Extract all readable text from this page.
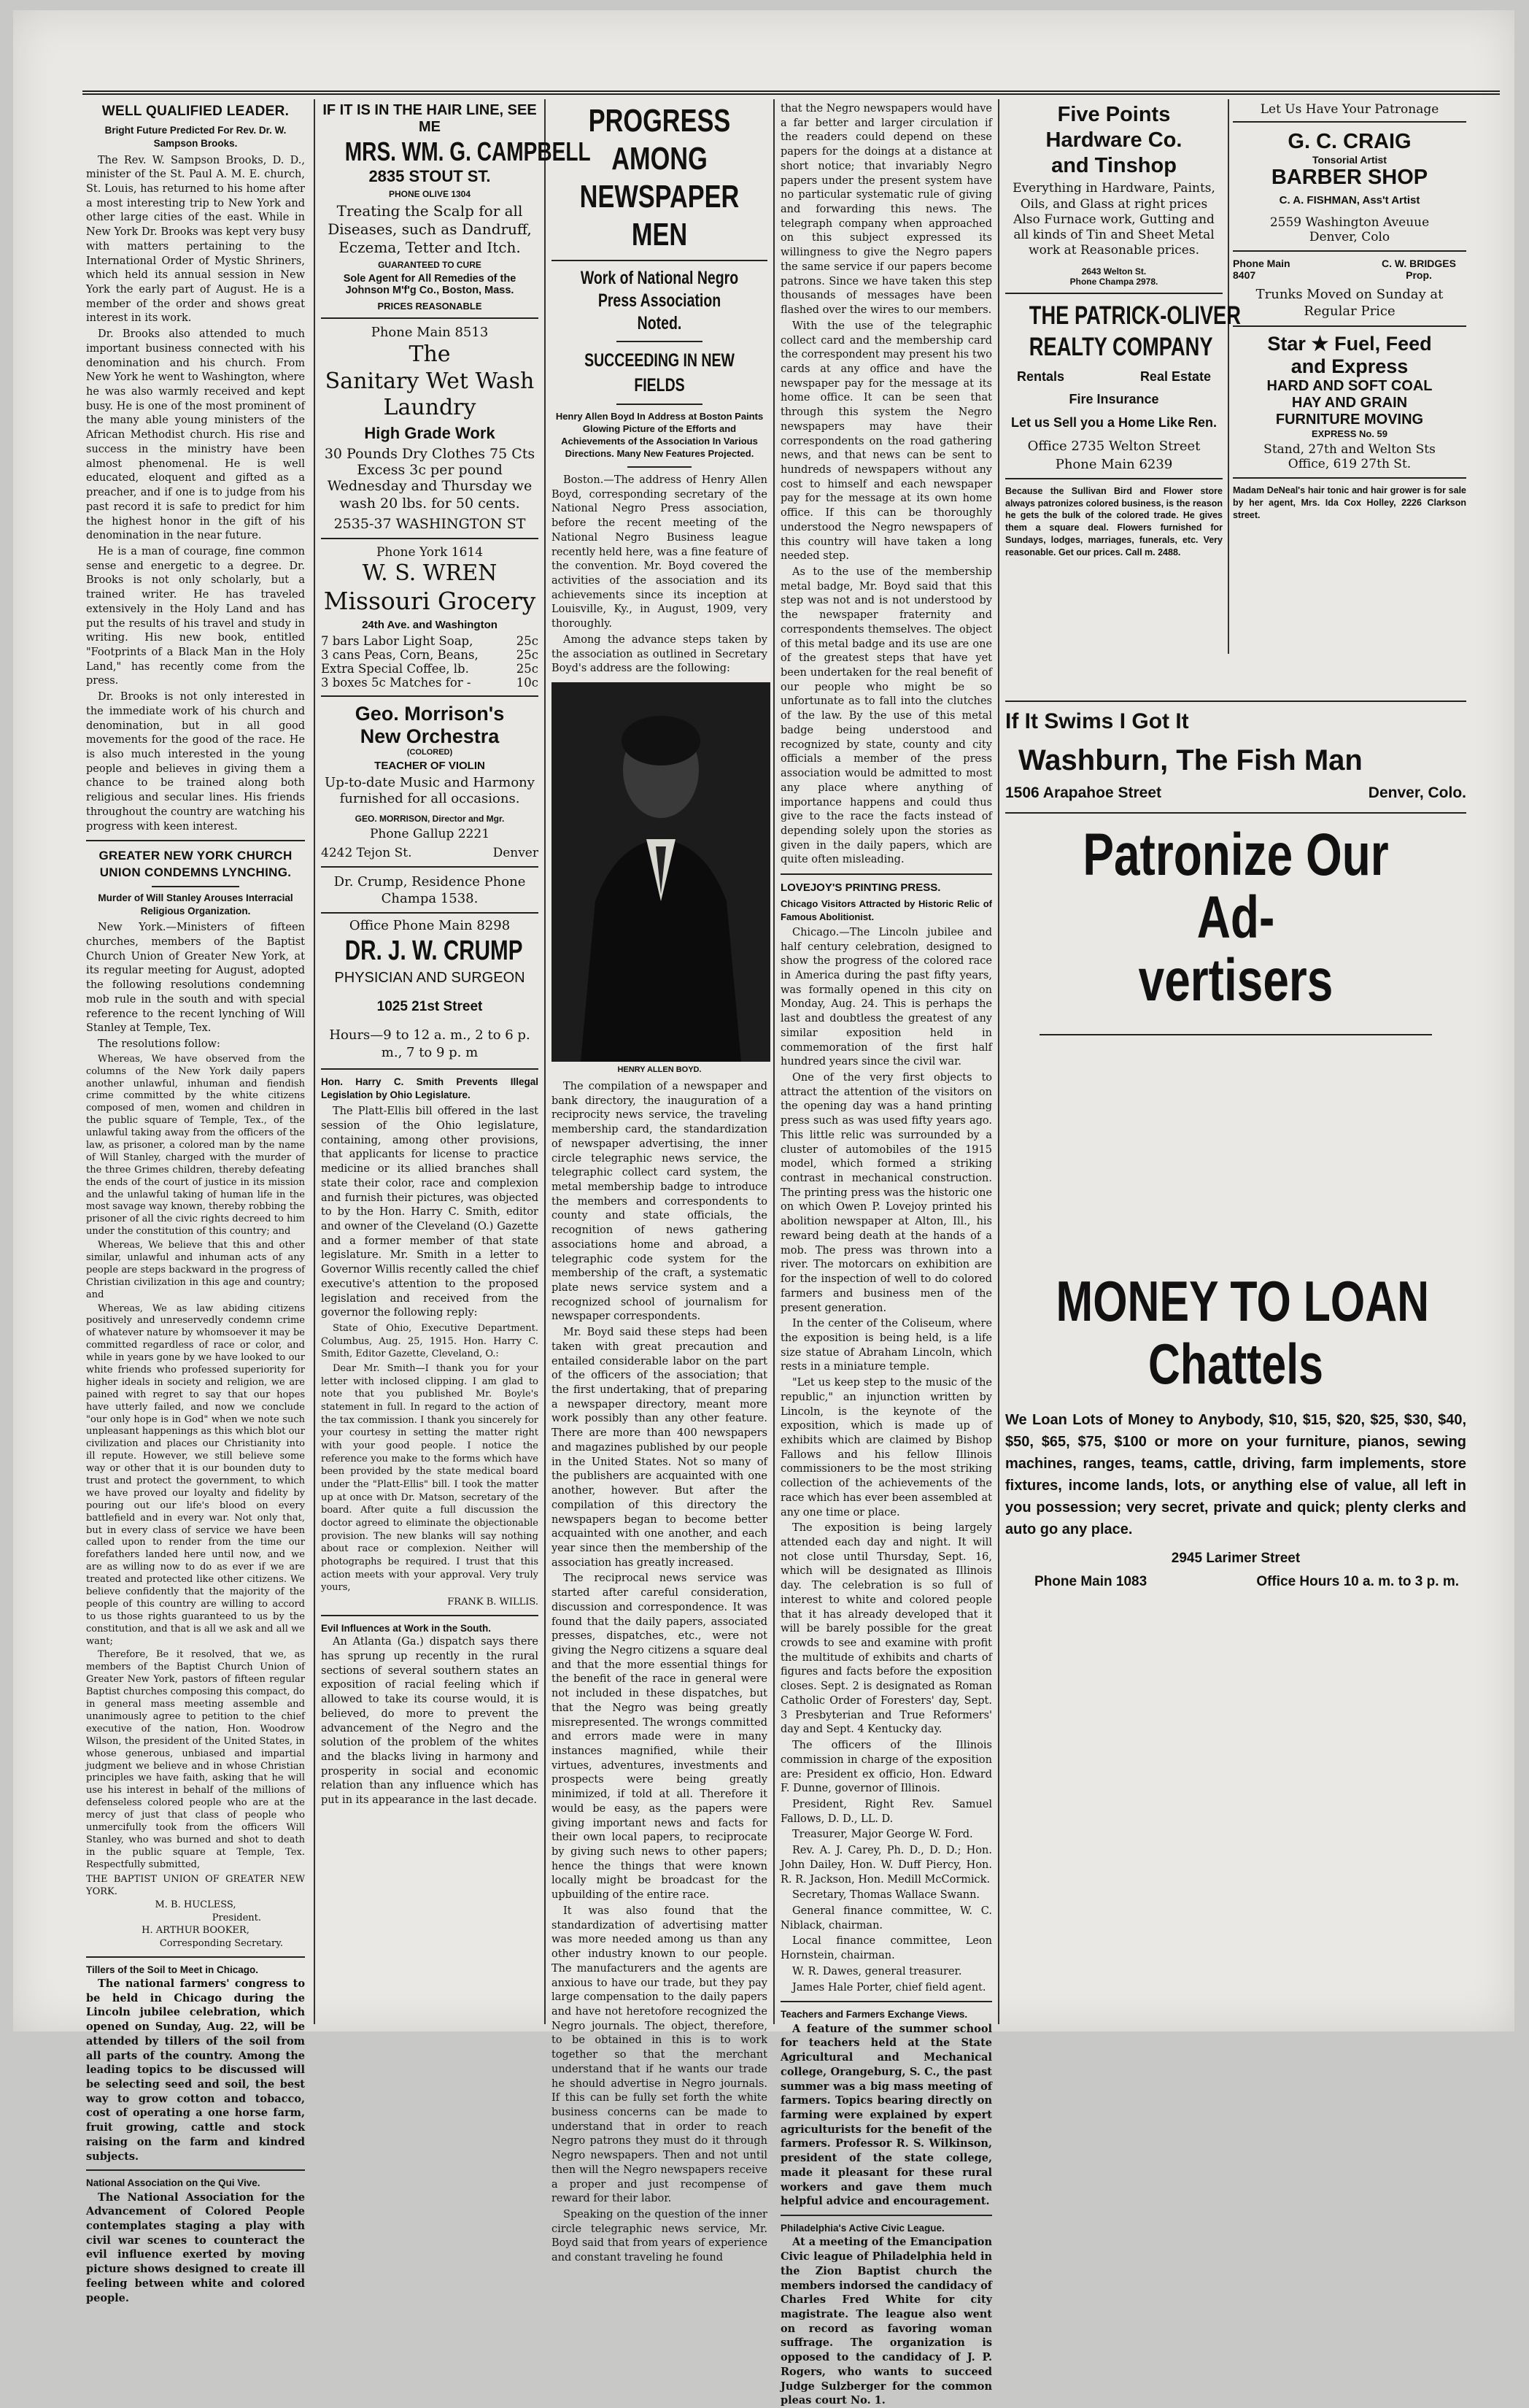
WELL QUALIFIED LEADER.
Bright Future Predicted For Rev. Dr. W. Sampson Brooks.

The Rev. W. Sampson Brooks, D. D., minister of the St. Paul A. M. E. church, St. Louis, has returned to his home after a most interesting trip to New York and other large cities of the east. While in New York Dr. Brooks was kept very busy with matters pertaining to the International Order of Mystic Shriners, which held its annual session in New York the early part of August. He is a member of the order and shows great interest in its work.

Dr. Brooks also attended to much important business connected with his denomination and his church. From New York he went to Washington, where he was also warmly received and kept busy. He is one of the most prominent of the many able young ministers of the African Methodist church. His rise and success in the ministry have been almost phenomenal. He is well educated, eloquent and gifted as a preacher, and if one is to judge from his past record it is safe to predict for him the highest honor in the gift of his denomination in the near future.

He is a man of courage, fine common sense and energetic to a degree. Dr. Brooks is not only scholarly, but a trained writer. He has traveled extensively in the Holy Land and has put the results of his travel and study in writing. His new book, entitled "Footprints of a Black Man in the Holy Land," has recently come from the press.

Dr. Brooks is not only interested in the immediate work of his church and denomination, but in all good movements for the good of the race. He is also much interested in the young people and believes in giving them a chance to be trained along both religious and secular lines. His friends throughout the country are watching his progress with keen interest.

GREATER NEW YORK CHURCH UNION CONDEMNS LYNCHING.
Murder of Will Stanley Arouses Interracial Religious Organization.

New York.—Ministers of fifteen churches, members of the Baptist Church Union of Greater New York, at its regular meeting for August, adopted the following resolutions condemning mob rule in the south and with special reference to the recent lynching of Will Stanley at Temple, Tex.

The resolutions follow:

Whereas, We have observed from the columns of the New York daily papers another unlawful, inhuman and fiendish crime committed by the white citizens composed of men, women and children in the public square of Temple, Tex., of the unlawful taking away from the officers of the law, as prisoner, a colored man by the name of Will Stanley, charged with the murder of the three Grimes children, thereby defeating the ends of the court of justice in its mission and the unlawful taking of human life in the most savage way known, thereby robbing the prisoner of all the civic rights decreed to him under the constitution of this country; and

Whereas, We believe that this and other similar, unlawful and inhuman acts of any people are steps backward in the progress of Christian civilization in this age and country; and

Whereas, We as law abiding citizens positively and unreservedly condemn crime of whatever nature by whomsoever it may be committed regardless of race or color, and while in years gone by we have looked to our white friends who professed superiority for higher ideals in society and religion, we are pained with regret to say that our hopes have utterly failed, and now we conclude "our only hope is in God" when we note such unpleasant happenings as this which blot our civilization and places our Christianity into ill repute. However, we still believe some way or other that it is our bounden duty to trust and protect the government, to which we have proved our loyalty and fidelity by pouring out our life's blood on every battlefield and in every war. Not only that, but in every class of service we have been called upon to render from the time our forefathers landed here until now, and we are as willing now to do as ever if we are treated and protected like other citizens. We believe confidently that the majority of the people of this country are willing to accord to us those rights guaranteed to us by the constitution, and that is all we ask and all we want;

Therefore, Be it resolved, that we, as members of the Baptist Church Union of Greater New York, pastors of fifteen regular Baptist churches composing this compact, do in general mass meeting assemble and unanimously agree to petition to the chief executive of the nation, Hon. Woodrow Wilson, the president of the United States, in whose generous, unbiased and impartial judgment we believe and in whose Christian principles we have faith, asking that he will use his interest in behalf of the millions of defenseless colored people who are at the mercy of just that class of people who unmercifully took from the officers Will Stanley, who was burned and shot to death in the public square at Temple, Tex. Respectfully submitted,

THE BAPTIST UNION OF GREATER NEW YORK.
M. B. HUCLESS,
President.
H. ARTHUR BOOKER,
Corresponding Secretary.
Tillers of the Soil to Meet in Chicago.

The national farmers' congress to be held in Chicago during the Lincoln jubilee celebration, which opened on Sunday, Aug. 22, will be attended by tillers of the soil from all parts of the country. Among the leading topics to be discussed will be selecting seed and soil, the best way to grow cotton and tobacco, cost of operating a one horse farm, fruit growing, cattle and stock raising on the farm and kindred subjects.

National Association on the Qui Vive.

The National Association for the Advancement of Colored People contemplates staging a play with civil war scenes to counteract the evil influence exerted by moving picture shows designed to create ill feeling between white and colored people.

IF IT IS IN THE HAIR LINE, SEE ME
MRS. WM. G. CAMPBELL
2835 STOUT ST.
PHONE OLIVE 1304
Treating the Scalp for all Diseases, such as Dandruff, Eczema, Tetter and Itch.
GUARANTEED TO CURE
Sole Agent for All Remedies of the Johnson M'f'g Co., Boston, Mass.
PRICES REASONABLE
Phone Main 8513
The
Sanitary Wet Wash
Laundry
High Grade Work
30 Pounds Dry Clothes 75 Cts
Excess 3c per pound
Wednesday and Thursday we wash 20 lbs. for 50 cents.
2535-37 WASHINGTON ST
Phone York 1614
W. S. WREN
Missouri Grocery
24th Ave. and Washington
7 bars Labor Light Soap,	25c
3 cans Peas, Corn, Beans,	25c
Extra Special Coffee, lb.	25c
3 boxes 5c Matches for -	10c
Geo. Morrison's
New Orchestra
(COLORED)
TEACHER OF VIOLIN
Up-to-date Music and Harmony furnished for all occasions.
GEO. MORRISON, Director and Mgr.
Phone Gallup 2221
4242 Tejon St.	Denver
Dr. Crump, Residence Phone Champa 1538.
Office Phone Main 8298
DR. J. W. CRUMP
PHYSICIAN AND SURGEON
1025 21st Street
Hours—9 to 12 a. m., 2 to 6 p. m., 7 to 9 p. m
Hon. Harry C. Smith Prevents Illegal Legislation by Ohio Legislature.

The Platt-Ellis bill offered in the last session of the Ohio legislature, containing, among other provisions, that applicants for license to practice medicine or its allied branches shall state their color, race and complexion and furnish their pictures, was objected to by the Hon. Harry C. Smith, editor and owner of the Cleveland (O.) Gazette and a former member of that state legislature. Mr. Smith in a letter to Governor Willis recently called the chief executive's attention to the proposed legislation and received from the governor the following reply:

State of Ohio, Executive Department. Columbus, Aug. 25, 1915. Hon. Harry C. Smith, Editor Gazette, Cleveland, O.:

Dear Mr. Smith—I thank you for your letter with inclosed clipping. I am glad to note that you published Mr. Boyle's statement in full. In regard to the action of the tax commission. I thank you sincerely for your courtesy in setting the matter right with your good people. I notice the reference you make to the forms which have been provided by the state medical board under the "Platt-Ellis" bill. I took the matter up at once with Dr. Matson, secretary of the board. After quite a full discussion the doctor agreed to eliminate the objectionable provision. The new blanks will say nothing about race or complexion. Neither will photographs be required. I trust that this action meets with your approval. Very truly yours,

FRANK B. WILLIS.
Evil Influences at Work in the South.

An Atlanta (Ga.) dispatch says there has sprung up recently in the rural sections of several southern states an exposition of racial feeling which if allowed to take its course would, it is believed, do more to prevent the advancement of the Negro and the solution of the problem of the whites and the blacks living in harmony and prosperity in social and economic relation than any influence which has put in its appearance in the last decade.

PROGRESS AMONG NEWSPAPER MEN
Work of National Negro Press Association Noted.
SUCCEEDING IN NEW FIELDS
Henry Allen Boyd In Address at Boston Paints Glowing Picture of the Efforts and Achievements of the Association In Various Directions. Many New Features Projected.

Boston.—The address of Henry Allen Boyd, corresponding secretary of the National Negro Press association, before the recent meeting of the National Negro Business league recently held here, was a fine feature of the convention. Mr. Boyd covered the activities of the association and its achievements since its inception at Louisville, Ky., in August, 1909, very thoroughly.

Among the advance steps taken by the association as outlined in Secretary Boyd's address are the following:

HENRY ALLEN BOYD.

The compilation of a newspaper and bank directory, the inauguration of a reciprocity news service, the traveling membership card, the standardization of newspaper advertising, the inner circle telegraphic news service, the telegraphic collect card system, the metal membership badge to introduce the members and correspondents to county and state officials, the recognition of news gathering associations home and abroad, a telegraphic code system for the membership of the craft, a systematic plate news service system and a recognized school of journalism for newspaper correspondents.

Mr. Boyd said these steps had been taken with great precaution and entailed considerable labor on the part of the officers of the association; that the first undertaking, that of preparing a newspaper directory, meant more work possibly than any other feature. There are more than 400 newspapers and magazines published by our people in the United States. Not so many of the publishers are acquainted with one another, however. But after the compilation of this directory the newspapers began to become better acquainted with one another, and each year since then the membership of the association has greatly increased.

The reciprocal news service was started after careful consideration, discussion and correspondence. It was found that the daily papers, associated presses, dispatches, etc., were not giving the Negro citizens a square deal and that the more essential things for the benefit of the race in general were not included in these dispatches, but that the Negro was being greatly misrepresented. The wrongs committed and errors made were in many instances magnified, while their virtues, adventures, investments and prospects were being greatly minimized, if told at all. Therefore it would be easy, as the papers were giving important news and facts for their own local papers, to reciprocate by giving such news to other papers; hence the things that were known locally might be broadcast for the upbuilding of the entire race.

It was also found that the standardization of advertising matter was more needed among us than any other industry known to our people. The manufacturers and the agents are anxious to have our trade, but they pay large compensation to the daily papers and have not heretofore recognized the Negro journals. The object, therefore, to be obtained in this is to work together so that the merchant understand that if he wants our trade he should advertise in Negro journals. If this can be fully set forth the white business concerns can be made to understand that in order to reach Negro patrons they must do it through Negro newspapers. Then and not until then will the Negro newspapers receive a proper and just recompense of reward for their labor.

Speaking on the question of the inner circle telegraphic news service, Mr. Boyd said that from years of experience and constant traveling he found

that the Negro newspapers would have a far better and larger circulation if the readers could depend on these papers for the doings at a distance at short notice; that invariably Negro papers under the present system have no particular systematic rule of giving and forwarding this news. The telegraph company when approached on this subject expressed its willingness to give the Negro papers the same service if our papers become patrons. Since we have taken this step thousands of messages have been flashed over the wires to our members.

With the use of the telegraphic collect card and the membership card the correspondent may present his two cards at any office and have the newspaper pay for the message at its home office. It can be seen that through this system the Negro newspapers may have their correspondents on the road gathering news, and that news can be sent to hundreds of newspapers without any cost to himself and each newspaper pay for the message at its own home office. If this can be thoroughly understood the Negro newspapers of this country will have taken a long needed step.

As to the use of the membership metal badge, Mr. Boyd said that this step was not and is not understood by the newspaper fraternity and correspondents themselves. The object of this metal badge and its use are one of the greatest steps that have yet been undertaken for the real benefit of our people who might be so unfortunate as to fall into the clutches of the law. By the use of this metal badge being understood and recognized by state, county and city officials a member of the press association would be admitted to most any place where anything of importance happens and could thus give to the race the facts instead of depending solely upon the stories as given in the daily papers, which are quite often misleading.

LOVEJOY'S PRINTING PRESS.
Chicago Visitors Attracted by Historic Relic of Famous Abolitionist.

Chicago.—The Lincoln jubilee and half century celebration, designed to show the progress of the colored race in America during the past fifty years, was formally opened in this city on Monday, Aug. 24. This is perhaps the last and doubtless the greatest of any similar exposition held in commemoration of the first half hundred years since the civil war.

One of the very first objects to attract the attention of the visitors on the opening day was a hand printing press such as was used fifty years ago. This little relic was surrounded by a cluster of automobiles of the 1915 model, which formed a striking contrast in mechanical construction. The printing press was the historic one on which Owen P. Lovejoy printed his abolition newspaper at Alton, Ill., his reward being death at the hands of a mob. The press was thrown into a river. The motorcars on exhibition are for the inspection of well to do colored farmers and business men of the present generation.

In the center of the Coliseum, where the exposition is being held, is a life size statue of Abraham Lincoln, which rests in a miniature temple.

"Let us keep step to the music of the republic," an injunction written by Lincoln, is the keynote of the exposition, which is made up of exhibits which are claimed by Bishop Fallows and his fellow Illinois commissioners to be the most striking collection of the achievements of the race which has ever been assembled at any one time or place.

The exposition is being largely attended each day and night. It will not close until Thursday, Sept. 16, which will be designated as Illinois day. The celebration is so full of interest to white and colored people that it has already developed that it will be barely possible for the great crowds to see and examine with profit the multitude of exhibits and charts of figures and facts before the exposition closes. Sept. 2 is designated as Roman Catholic Order of Foresters' day, Sept. 3 Presbyterian and True Reformers' day and Sept. 4 Kentucky day.

The officers of the Illinois commission in charge of the exposition are: President ex officio, Hon. Edward F. Dunne, governor of Illinois.

President, Right Rev. Samuel Fallows, D. D., LL. D.

Treasurer, Major George W. Ford.

Rev. A. J. Carey, Ph. D., D. D.; Hon. John Dailey, Hon. W. Duff Piercy, Hon. R. R. Jackson, Hon. Medill McCormick.

Secretary, Thomas Wallace Swann.

General finance committee, W. C. Niblack, chairman.

Local finance committee, Leon Hornstein, chairman.

W. R. Dawes, general treasurer.

James Hale Porter, chief field agent.

Teachers and Farmers Exchange Views.

A feature of the summer school for teachers held at the State Agricultural and Mechanical college, Orangeburg, S. C., the past summer was a big mass meeting of farmers. Topics bearing directly on farming were explained by expert agriculturists for the benefit of the farmers. Professor R. S. Wilkinson, president of the state college, made it pleasant for these rural workers and gave them much helpful advice and encouragement.

Philadelphia's Active Civic League.

At a meeting of the Emancipation Civic league of Philadelphia held in the Zion Baptist church the members indorsed the candidacy of Charles Fred White for city magistrate. The league also went on record as favoring woman suffrage. The organization is opposed to the candidacy of J. P. Rogers, who wants to succeed Judge Sulzberger for the common pleas court No. 1.

Five Points
Hardware Co.
and Tinshop
Everything in Hardware, Paints, Oils, and Glass at right prices
Also Furnace work, Gutting and all kinds of Tin and Sheet Metal work at Reasonable prices.
2643 Welton St.
Phone Champa 2978.
THE PATRICK-OLIVER
REALTY COMPANY
Rentals	Real Estate
Fire Insurance
Let us Sell you a Home Like Ren.
Office 2735 Welton Street
Phone Main 6239
Because the Sullivan Bird and Flower store always patronizes colored business, is the reason he gets the bulk of the colored trade. He gives them a square deal. Flowers furnished for Sundays, lodges, marriages, funerals, etc. Very reasonable. Get our prices. Call m. 2488.
Let Us Have Your Patronage
G. C. CRAIG
Tonsorial Artist
BARBER SHOP
C. A. FISHMAN, Ass't Artist
2559 Washington Aveuue
Denver, Colo
Phone Main 8407
C. W. BRIDGES Prop.
Trunks Moved on Sunday at Regular Price
Star ★ Fuel, Feed
and Express
HARD AND SOFT COAL
HAY AND GRAIN
FURNITURE MOVING
EXPRESS No. 59
Stand, 27th and Welton Sts
Office, 619 27th St.
Madam DeNeal's hair tonic and hair grower is for sale by her agent, Mrs. Ida Cox Holley, 2226 Clarkson street.
If It Swims I Got It
Washburn, The Fish Man
1506 Arapahoe Street	Denver, Colo.
Patronize Our Ad-
vertisers
MONEY TO LOAN
Chattels
We Loan Lots of Money to Anybody, $10, $15, $20, $25, $30, $40, $50, $65, $75, $100 or more on your furniture, pianos, sewing machines, ranges, teams, cattle, driving, farm implements, store fixtures, income lands, lots, or anything else of value, all left in you possession; very secret, private and quick; plenty clerks and auto go any place.
2945 Larimer Street
Phone Main 1083	Office Hours 10 a. m. to 3 p. m.
